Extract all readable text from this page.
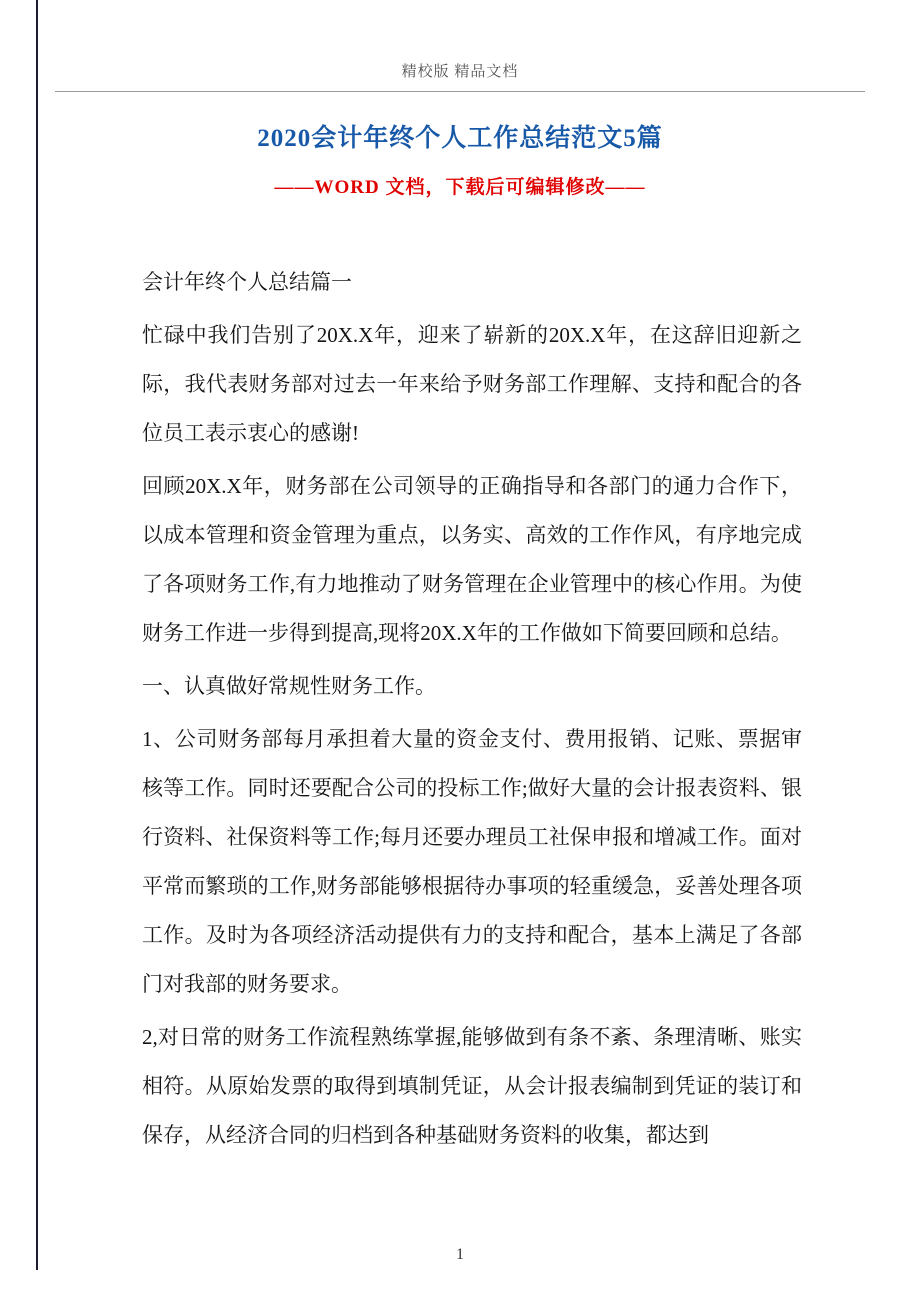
精校版 精品文档
2020会计年终个人工作总结范文5篇
——WORD 文档，下载后可编辑修改——

会计年终个人总结篇一

忙碌中我们告别了20X.X年，迎来了崭新的20X.X年，在这辞旧迎新之际，我代表财务部对过去一年来给予财务部工作理解、支持和配合的各位员工表示衷心的感谢!

回顾20X.X年，财务部在公司领导的正确指导和各部门的通力合作下，以成本管理和资金管理为重点，以务实、高效的工作作风，有序地完成了各项财务工作,有力地推动了财务管理在企业管理中的核心作用。为使财务工作进一步得到提高,现将20X.X年的工作做如下简要回顾和总结。

一、认真做好常规性财务工作。

1、公司财务部每月承担着大量的资金支付、费用报销、记账、票据审核等工作。同时还要配合公司的投标工作;做好大量的会计报表资料、银行资料、社保资料等工作;每月还要办理员工社保申报和增减工作。面对平常而繁琐的工作,财务部能够根据待办事项的轻重缓急，妥善处理各项工作。及时为各项经济活动提供有力的支持和配合，基本上满足了各部门对我部的财务要求。

2,对日常的财务工作流程熟练掌握,能够做到有条不紊、条理清晰、账实相符。从原始发票的取得到填制凭证，从会计报表编制到凭证的装订和保存，从经济合同的归档到各种基础财务资料的收集，都达到

1
